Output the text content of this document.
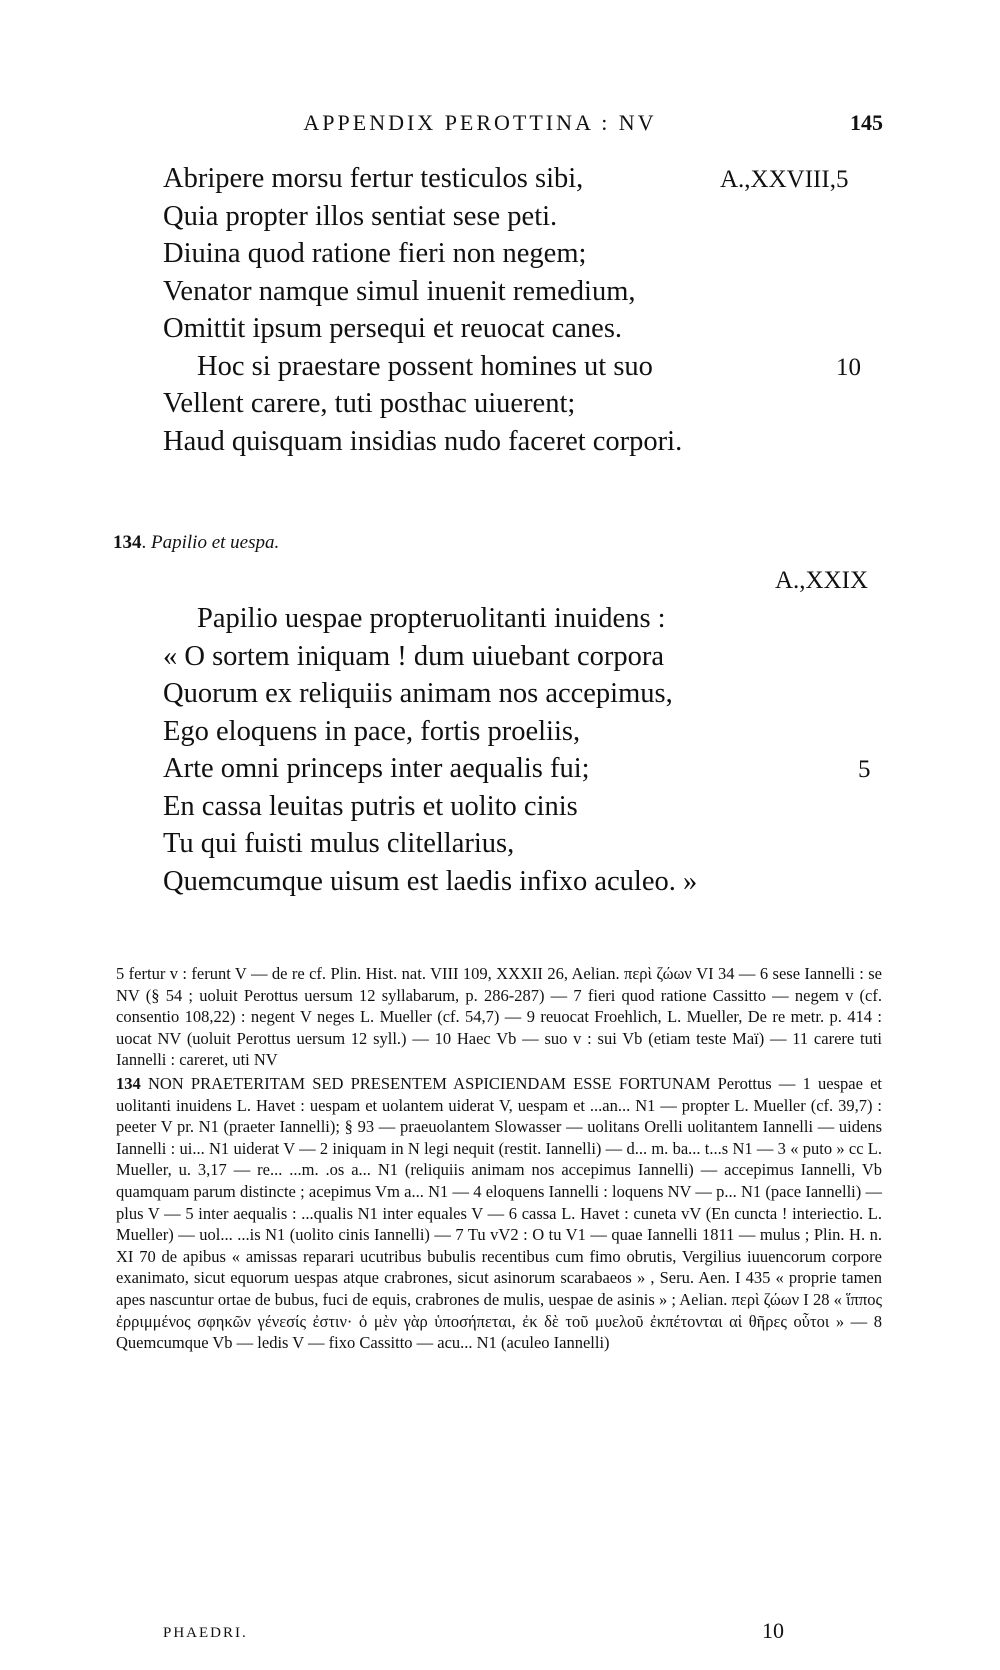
APPENDIX PEROTTINA : NV	145
Abripere morsu fertur testiculos sibi,
Quia propter illos sentiat sese peti.
Diuina quod ratione fieri non negem;
Venator namque simul inuenit remedium,
Omittit ipsum persequi et reuocat canes.
Hoc si praestare possent homines ut suo
Vellent carere, tuti posthac uiuerent;
Haud quisquam insidias nudo faceret corpori.
A.,XXVIII,5
10
134. Papilio et uespa.
A.,XXIX
Papilio uespae propteruolitanti inuidens :
« O sortem iniquam ! dum uiuebant corpora
Quorum ex reliquiis animam nos accepimus,
Ego eloquens in pace, fortis proeliis,
Arte omni princeps inter aequalis fui;
En cassa leuitas putris et uolito cinis
Tu qui fuisti mulus clitellarius,
Quemcumque uisum est laedis infixo aculeo. »
5

5 fertur v : ferunt V — de re cf. Plin. Hist. nat. VIII 109, XXXII 26, Aelian. περὶ ζώων VI 34 — 6 sese Iannelli : se NV (§ 54 ; uoluit Perottus uersum 12 syllabarum, p. 286-287) — 7 fieri quod ratione Cassitto — negem v (cf. consentio 108,22) : negent V neges L. Mueller (cf. 54,7) — 9 reuocat Froehlich, L. Mueller, De re metr. p. 414 : uocat NV (uoluit Perottus uersum 12 syll.) — 10 Haec Vb — suo v : sui Vb (etiam teste Maï) — 11 carere tuti Iannelli : careret, uti NV

134 NON PRAETERITAM SED PRESENTEM ASPICIENDAM ESSE FORTUNAM Perottus — 1 uespae et uolitanti inuidens L. Havet : uespam et uolantem uiderat V, uespam et ...an... N1 — propter L. Mueller (cf. 39,7) : peeter V pr. N1 (praeter Iannelli); § 93 — praeuolantem Slowasser — uolitans Orelli uolitantem Iannelli — uidens Iannelli : ui... N1 uiderat V — 2 iniquam in N legi nequit (restit. Iannelli) — d... m. ba... t...s N1 — 3 « puto » cc L. Mueller, u. 3,17 — re... ...m. .os a... N1 (reliquiis animam nos accepimus Iannelli) — accepimus Iannelli, Vb quamquam parum distincte ; acepimus Vm a... N1 — 4 eloquens Iannelli : loquens NV — p... N1 (pace Iannelli) — plus V — 5 inter aequalis : ...qualis N1 inter equales V — 6 cassa L. Havet : cuneta vV (En cuncta ! interiectio. L. Mueller) — uol... ...is N1 (uolito cinis Iannelli) — 7 Tu vV2 : O tu V1 — quae Iannelli 1811 — mulus ; Plin. H. n. XI 70 de apibus « amissas reparari ucutribus bubulis recentibus cum fimo obrutis, Vergilius iuuencorum corpore exanimato, sicut equorum uespas atque crabrones, sicut asinorum scarabaeos » , Seru. Aen. I 435 « proprie tamen apes nascuntur ortae de bubus, fuci de equis, crabrones de mulis, uespae de asinis » ; Aelian. περὶ ζώων I 28 « ἵππος ἐρριμμένος σφηκῶν γένεσίς ἐστιν· ὁ μὲν γὰρ ὑποσήπεται, ἐκ δὲ τοῦ μυελοῦ ἐκπέτονται αἱ θῆρες οὗτοι » — 8 Quemcumque Vb — ledis V — fixo Cassitto — acu... N1 (aculeo Iannelli)

PHAEDRI.	10
